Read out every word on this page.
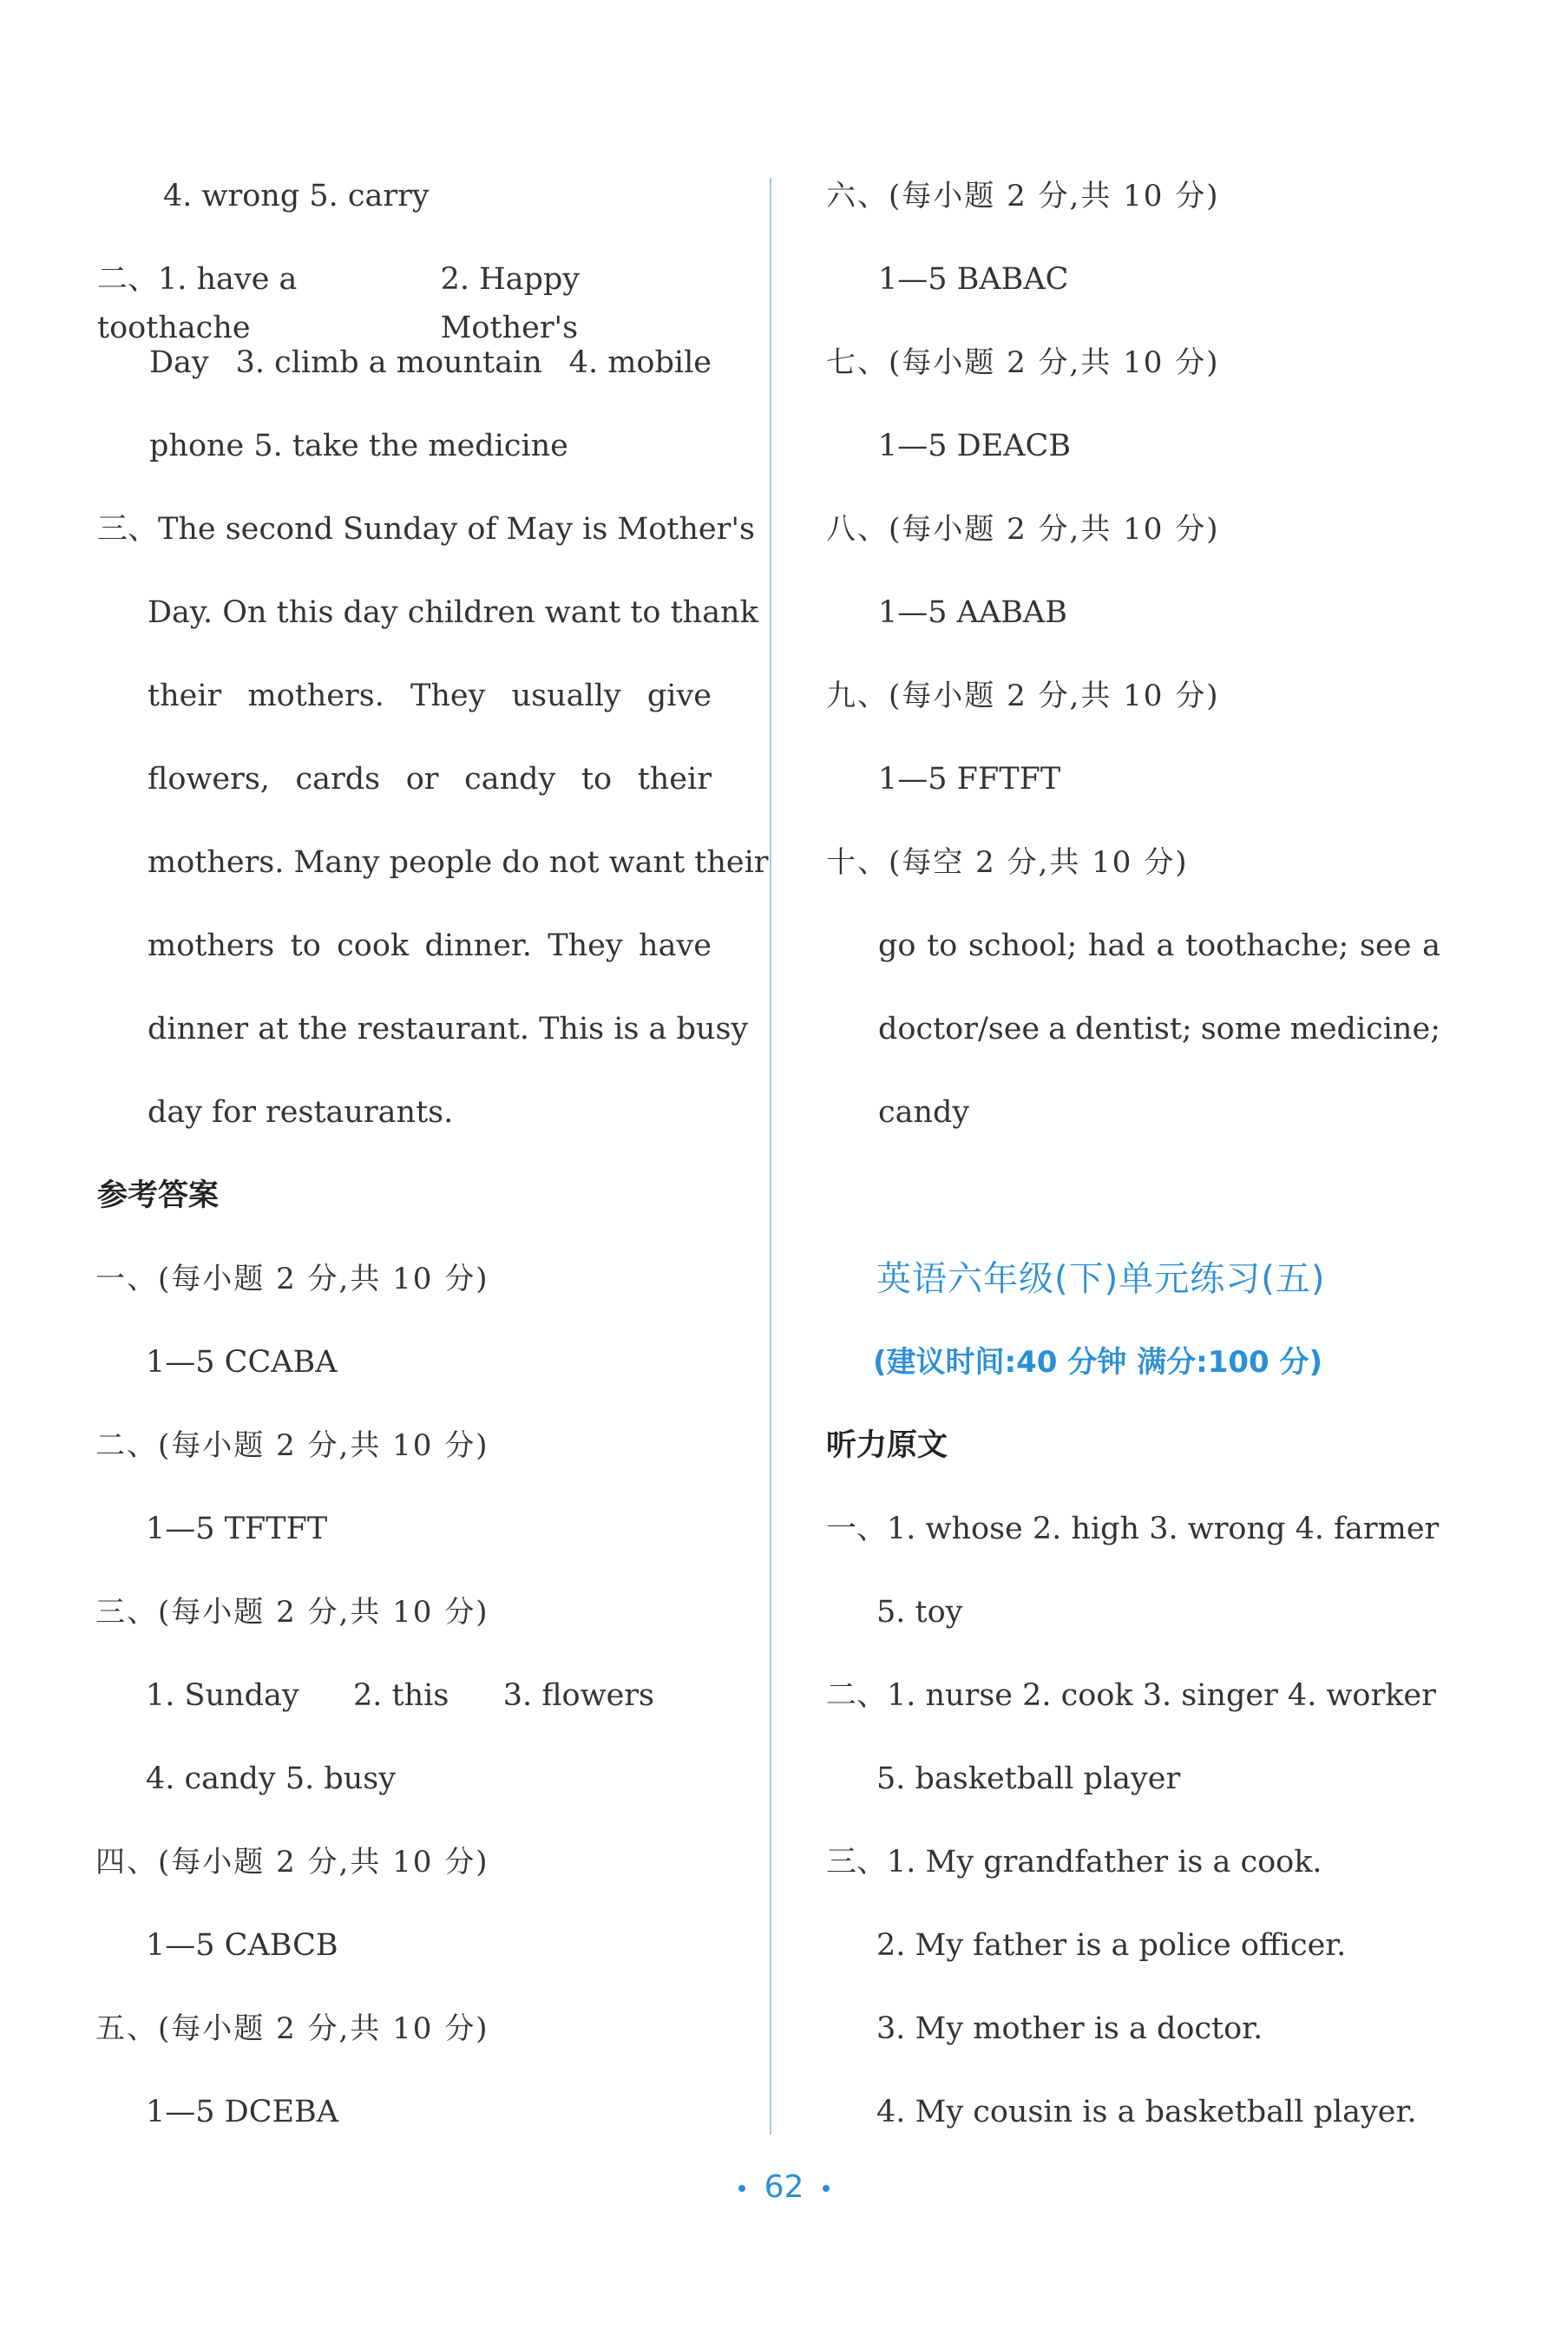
4. wrong 5. carry
二、1. have a toothache
2. Happy Mother's
Day 3. climb a mountain 4. mobile
phone 5. take the medicine
三、The second Sunday of May is Mother's
Day. On this day children want to thank
their mothers. They usually give
flowers, cards or candy to their
mothers. Many people do not want their
mothers to cook dinner. They have
dinner at the restaurant. This is a busy
day for restaurants.
参考答案
一、(每小题 2 分,共 10 分)
1—5 CCABA
二、(每小题 2 分,共 10 分)
1—5 TFTFT
三、(每小题 2 分,共 10 分)
1. Sunday 2. this 3. flowers
4. candy 5. busy
四、(每小题 2 分,共 10 分)
1—5 CABCB
五、(每小题 2 分,共 10 分)
1—5 DCEBA
六、(每小题 2 分,共 10 分)
1—5 BABAC
七、(每小题 2 分,共 10 分)
1—5 DEACB
八、(每小题 2 分,共 10 分)
1—5 AABAB
九、(每小题 2 分,共 10 分)
1—5 FFTFT
十、(每空 2 分,共 10 分)
go to school; had a toothache; see a
doctor/see a dentist; some medicine;
candy
英语六年级(下)单元练习(五)
(建议时间:40 分钟 满分:100 分)
听力原文
一、1. whose 2. high 3. wrong 4. farmer
5. toy
二、1. nurse 2. cook 3. singer 4. worker
5. basketball player
三、1. My grandfather is a cook.
2. My father is a police officer.
3. My mother is a doctor.
4. My cousin is a basketball player.
62
